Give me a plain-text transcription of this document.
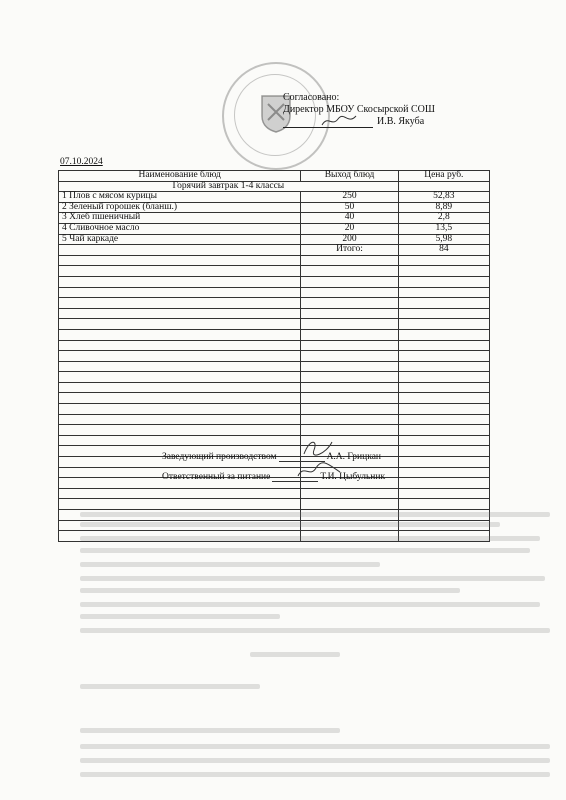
Согласовано:
Директор МБОУ Скосырской СОШ
И.В. Якуба
07.10.2024
Наименование блюд	Выход блюд	Цена руб.
Горячий завтрак 1-4 классы		
1 Плов с мясом курицы	250	52,83
2 Зеленый горошек (бланш.)	50	8,89
3 Хлеб пшеничный	40	2,8
4 Сливочное масло	20	13,5
5 Чай каркаде	200	5,98
	Итого:	84

Заведующий производством	А.А. Грицкан
Ответственный за питание	Т.И. Цыбульник
